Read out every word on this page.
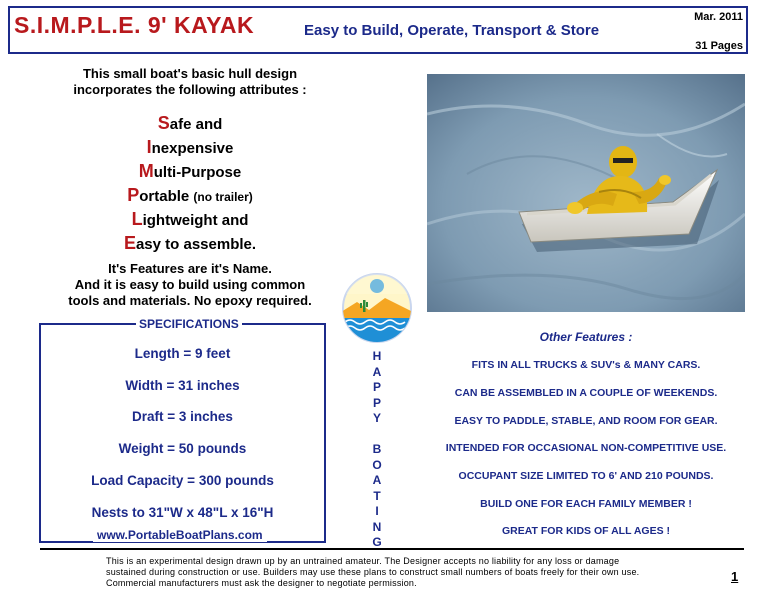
S.I.M.P.L.E. 9' KAYAK	Easy to Build, Operate, Transport & Store
Mar. 2011
31 Pages
This small boat's basic hull design
incorporates the following attributes :
Safe and
Inexpensive
Multi-Purpose
Portable (no trailer)
Lightweight and
Easy to assemble.
It's Features are it's Name.
And it is easy to build using common
tools and materials. No epoxy required.
SPECIFICATIONS
Length = 9 feet
Width = 31 inches
Draft = 3 inches
Weight = 50 pounds
Load Capacity = 300 pounds
Nests to 31"W x 48"L x 16"H
www.PortableBoatPlans.com
H
A
P
P
Y
B
O
A
T
I
N
G
Other Features :
FITS IN ALL TRUCKS & SUV's & MANY CARS.
CAN BE ASSEMBLED IN A COUPLE OF WEEKENDS.
EASY TO PADDLE, STABLE, AND ROOM FOR GEAR.
INTENDED FOR OCCASIONAL NON-COMPETITIVE USE.
OCCUPANT SIZE LIMITED TO 6' AND 210 POUNDS.
BUILD ONE FOR EACH FAMILY MEMBER !
GREAT FOR KIDS OF ALL AGES !
This is an experimental design drawn up by an untrained amateur. The Designer accepts no liability for any loss or damage
sustained during construction or use. Builders may use these plans to construct small numbers of boats freely for their own use.
Commercial manufacturers must ask the designer to negotiate permission.	1
